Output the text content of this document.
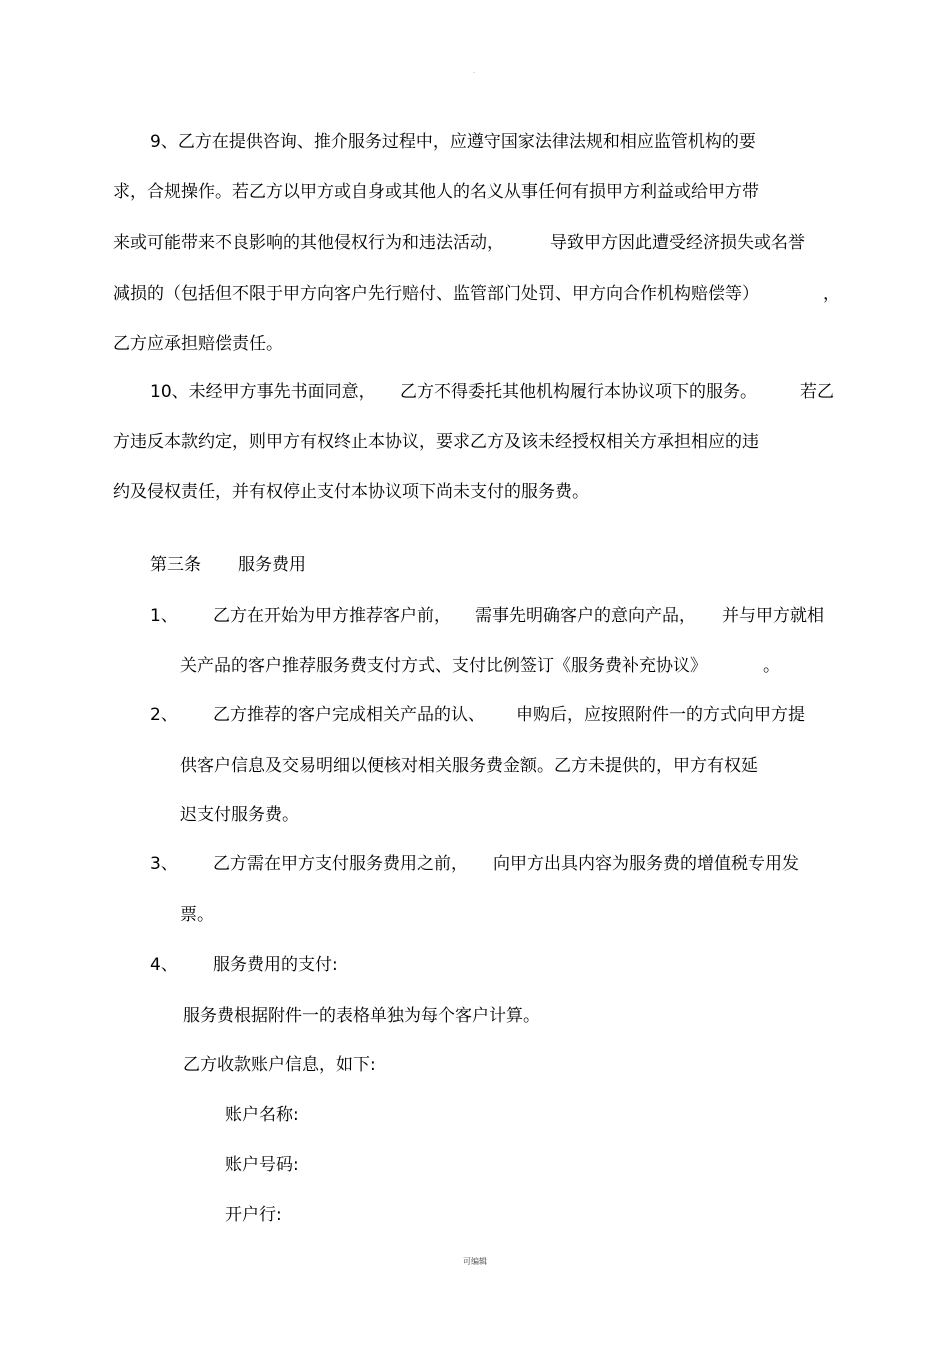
·
9、乙方在提供咨询、推介服务过程中，应遵守国家法律法规和相应监管机构的要
求，合规操作。若乙方以甲方或自身或其他人的名义从事任何有损甲方利益或给甲方带
来或可能带来不良影响的其他侵权行为和违法活动，	导致甲方因此遭受经济损失或名誉
减损的（包括但不限于甲方向客户先行赔付、监管部门处罚、甲方向合作机构赔偿等）	，
乙方应承担赔偿责任。
10、未经甲方事先书面同意， 乙方不得委托其他机构履行本协议项下的服务。	若乙
方违反本款约定，则甲方有权终止本协议，要求乙方及该未经授权相关方承担相应的违
约及侵权责任，并有权停止支付本协议项下尚未支付的服务费。
第三条 服务费用
1、 乙方在开始为甲方推荐客户前， 需事先明确客户的意向产品， 并与甲方就相
关产品的客户推荐服务费支付方式、支付比例签订《服务费补充协议》	。
2、 乙方推荐的客户完成相关产品的认、 申购后，应按照附件一的方式向甲方提
供客户信息及交易明细以便核对相关服务费金额。乙方未提供的，甲方有权延
迟支付服务费。
3、 乙方需在甲方支付服务费用之前， 向甲方出具内容为服务费的增值税专用发
票。
4、 服务费用的支付:
服务费根据附件一的表格单独为每个客户计算。
乙方收款账户信息，如下:
账户名称:
账户号码:
开户行:
可编辑
